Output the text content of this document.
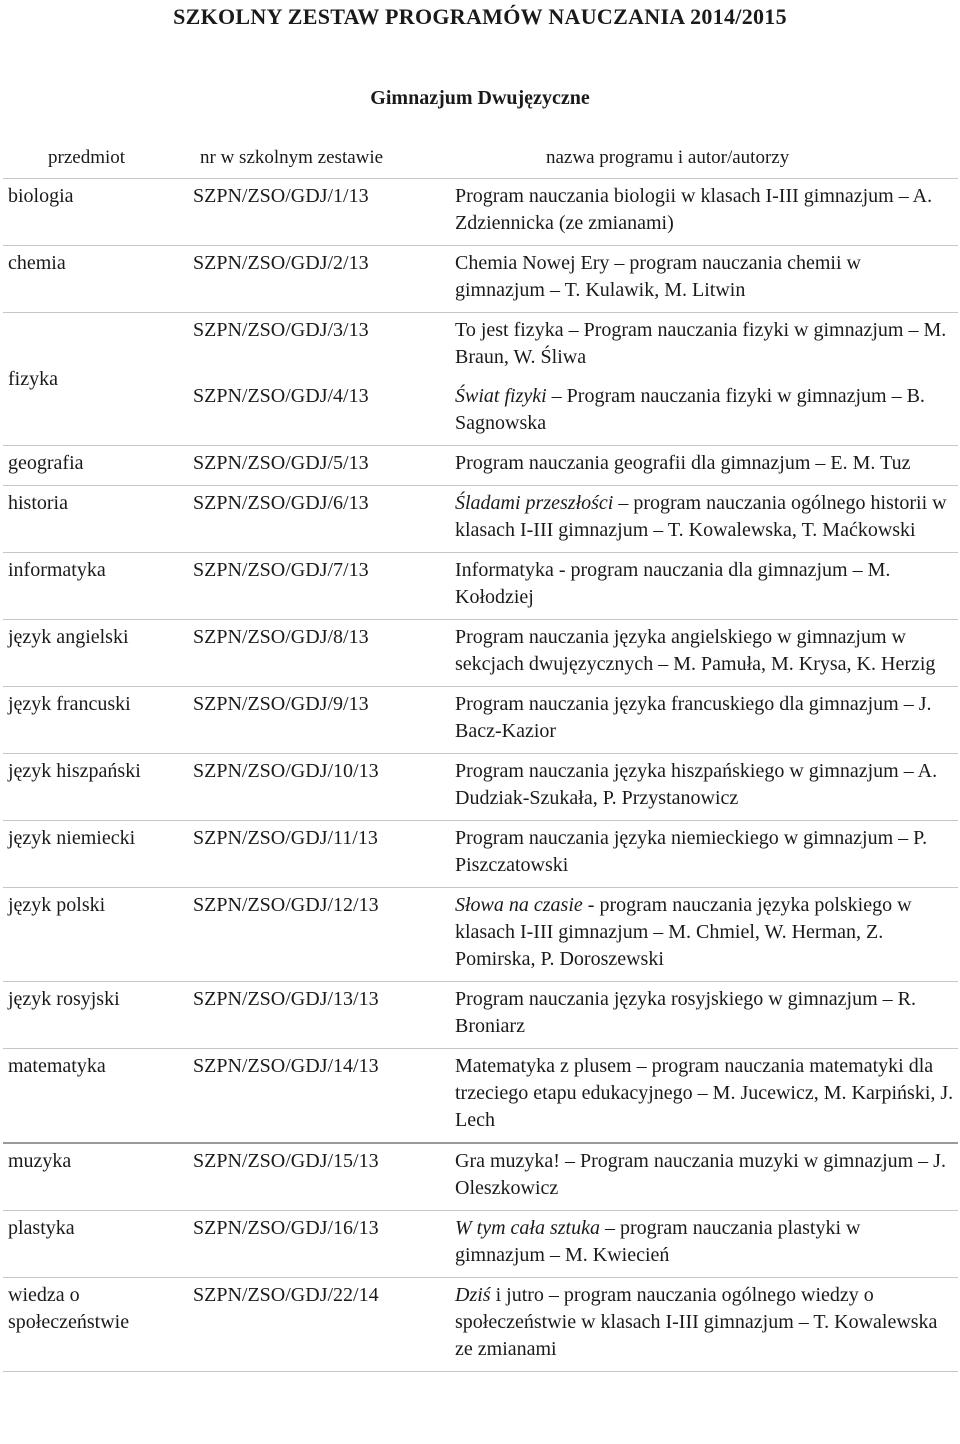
SZKOLNY ZESTAW PROGRAMÓW NAUCZANIA 2014/2015
Gimnazjum Dwujęzyczne
przedmiot	nr w szkolnym zestawie	nazwa programu i autor/autorzy
biologia	SZPN/ZSO/GDJ/1/13	Program nauczania biologii w klasach I-III gimnazjum – A. Zdziennicka (ze zmianami)
chemia	SZPN/ZSO/GDJ/2/13	Chemia Nowej Ery – program nauczania chemii w gimnazjum – T. Kulawik, M. Litwin
fizyka	SZPN/ZSO/GDJ/3/13	To jest fizyka – Program nauczania fizyki w gimnazjum – M. Braun, W. Śliwa
	SZPN/ZSO/GDJ/4/13	Świat fizyki – Program nauczania fizyki w gimnazjum – B. Sagnowska
geografia	SZPN/ZSO/GDJ/5/13	Program nauczania geografii dla gimnazjum – E. M. Tuz
historia	SZPN/ZSO/GDJ/6/13	Śladami przeszłości – program nauczania ogólnego historii w klasach I-III gimnazjum – T. Kowalewska, T. Maćkowski
informatyka	SZPN/ZSO/GDJ/7/13	Informatyka - program nauczania dla gimnazjum – M. Kołodziej
język angielski	SZPN/ZSO/GDJ/8/13	Program nauczania języka angielskiego w gimnazjum w sekcjach dwujęzycznych – M. Pamuła, M. Krysa, K. Herzig
język francuski	SZPN/ZSO/GDJ/9/13	Program nauczania języka francuskiego dla gimnazjum – J. Bacz-Kazior
język hiszpański	SZPN/ZSO/GDJ/10/13	Program nauczania języka hiszpańskiego w gimnazjum – A. Dudziak-Szukała, P. Przystanowicz
język niemiecki	SZPN/ZSO/GDJ/11/13	Program nauczania języka niemieckiego w gimnazjum – P. Piszczatowski
język polski	SZPN/ZSO/GDJ/12/13	Słowa na czasie - program nauczania języka polskiego w klasach I-III gimnazjum – M. Chmiel, W. Herman, Z. Pomirska, P. Doroszewski
język rosyjski	SZPN/ZSO/GDJ/13/13	Program nauczania języka rosyjskiego w gimnazjum – R. Broniarz
matematyka	SZPN/ZSO/GDJ/14/13	Matematyka z plusem – program nauczania matematyki dla trzeciego etapu edukacyjnego – M. Jucewicz, M. Karpiński, J. Lech
muzyka	SZPN/ZSO/GDJ/15/13	Gra muzyka! – Program nauczania muzyki w gimnazjum – J. Oleszkowicz
plastyka	SZPN/ZSO/GDJ/16/13	W tym cała sztuka – program nauczania plastyki w gimnazjum – M. Kwiecień
wiedza o społeczeństwie	SZPN/ZSO/GDJ/22/14	Dziś i jutro – program nauczania ogólnego wiedzy o społeczeństwie w klasach I-III gimnazjum – T. Kowalewska ze zmianami
